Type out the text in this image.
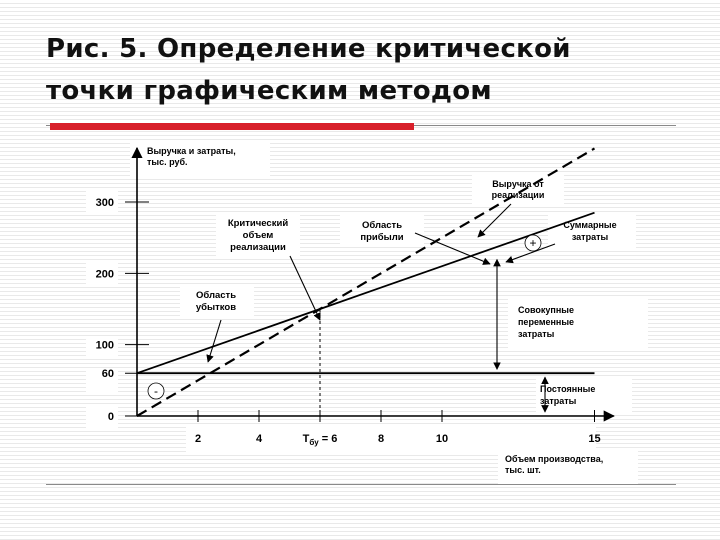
Рис. 5. Определение критической
точки графическим методом
300
200
100
60
0
2	4	$Т_{бу} = 6$	8	10	15
Выручка и затраты,
тыс. руб.
Объем производства,
тыс. шт.
Выручка от
реализации
Суммарные
затраты
Совокупные
переменные
затраты
Постоянные
затраты
Область
прибыли
Область
убытков
Критический
объем
реализации	+
-
